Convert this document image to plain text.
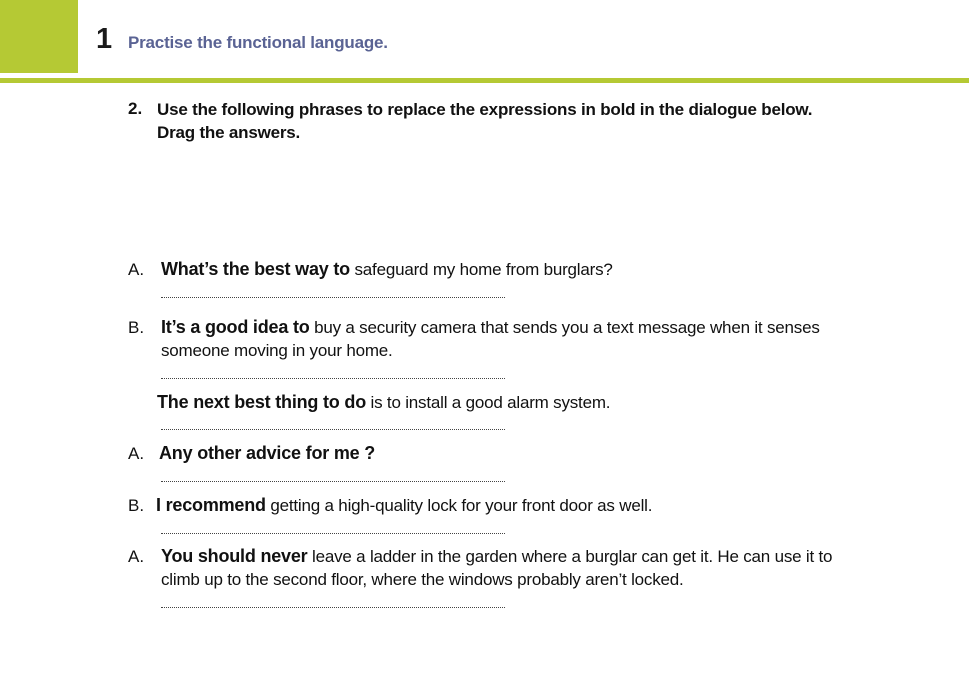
1 Practise the functional language.
2. Use the following phrases to replace the expressions in bold in the dialogue below.
Drag the answers.
A. What’s the best way to safeguard my home from burglars?
B. It’s a good idea to buy a security camera that sends you a text message when it senses
someone moving in your home.
The next best thing to do is to install a good alarm system.
A. Any other advice for me ?
B. I recommend getting a high-quality lock for your front door as well.
A. You should never leave a ladder in the garden where a burglar can get it. He can use it to
climb up to the second floor, where the windows probably aren’t locked.
